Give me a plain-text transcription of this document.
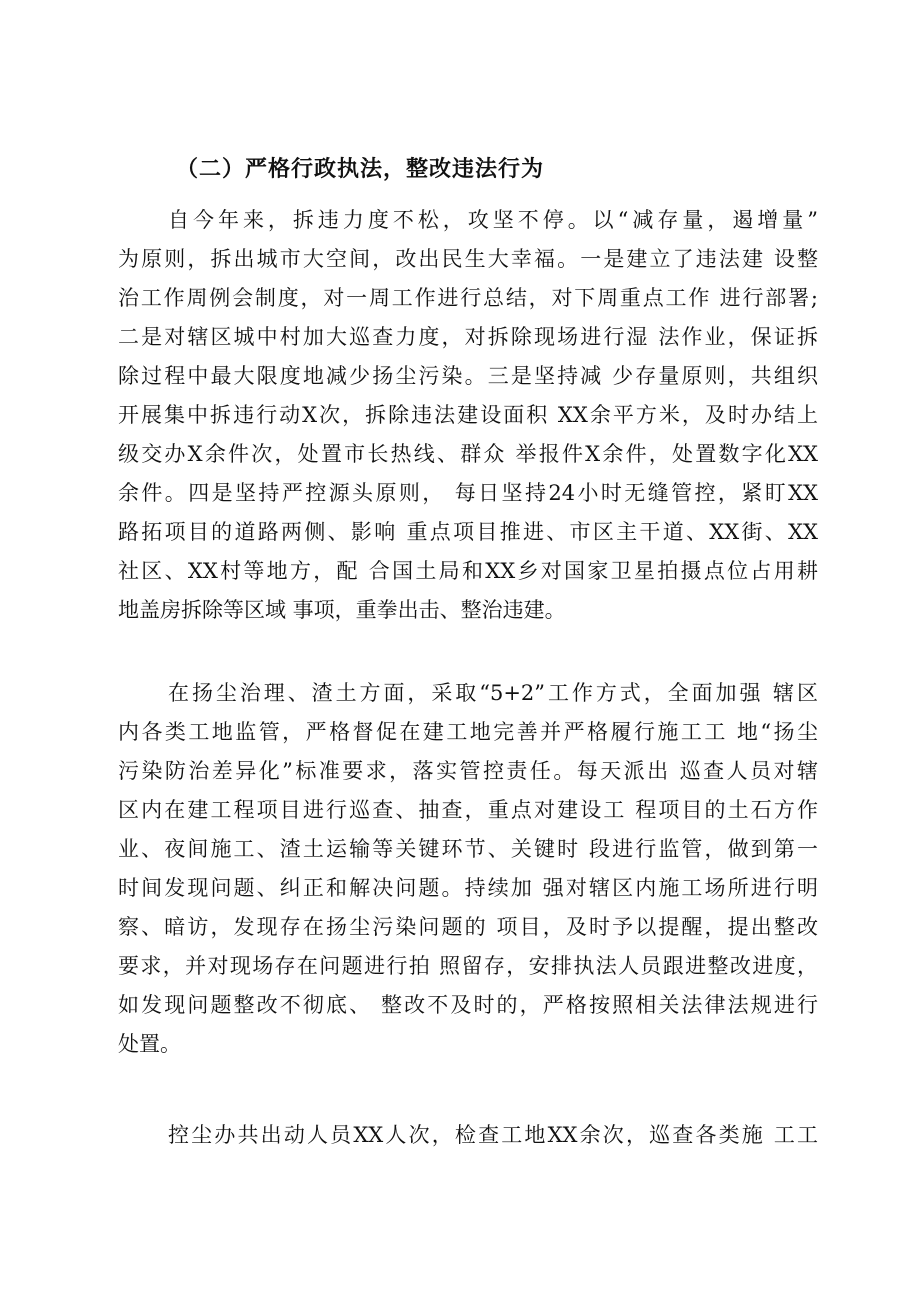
（二）严格行政执法，整改违法行为
自今年来，拆违力度不松，攻坚不停。以“减存量，遏增量”
为原则，拆出城市大空间，改出民生大幸福。一是建立了违法建 设整
治工作周例会制度，对一周工作进行总结，对下周重点工作 进行部署;
二是对辖区城中村加大巡查力度，对拆除现场进行湿 法作业，保证拆
除过程中最大限度地减少扬尘污染。三是坚持减 少存量原则，共组织
开展集中拆违行动X次，拆除违法建设面积 XX余平方米，及时办结上
级交办X余件次，处置市长热线、群众 举报件X余件，处置数字化XX
余件。四是坚持严控源头原则， 每日坚持24小时无缝管控，紧盯XX
路拓项目的道路两侧、影响 重点项目推进、市区主干道、XX街、XX
社区、XX村等地方，配 合国土局和XX乡对国家卫星拍摄点位占用耕
地盖房拆除等区域 事项，重拳出击、整治违建。
在扬尘治理、渣土方面，采取“5+2”工作方式，全面加强 辖区
内各类工地监管，严格督促在建工地完善并严格履行施工工 地“扬尘
污染防治差异化”标准要求，落实管控责任。每天派出 巡查人员对辖
区内在建工程项目进行巡查、抽查，重点对建设工 程项目的土石方作
业、夜间施工、渣土运输等关键环节、关键时 段进行监管，做到第一
时间发现问题、纠正和解决问题。持续加 强对辖区内施工场所进行明
察、暗访，发现存在扬尘污染问题的 项目，及时予以提醒，提出整改
要求，并对现场存在问题进行拍 照留存，安排执法人员跟进整改进度，
如发现问题整改不彻底、 整改不及时的，严格按照相关法律法规进行
处置。
控尘办共出动人员XX人次，检查工地XX余次，巡查各类施 工工
